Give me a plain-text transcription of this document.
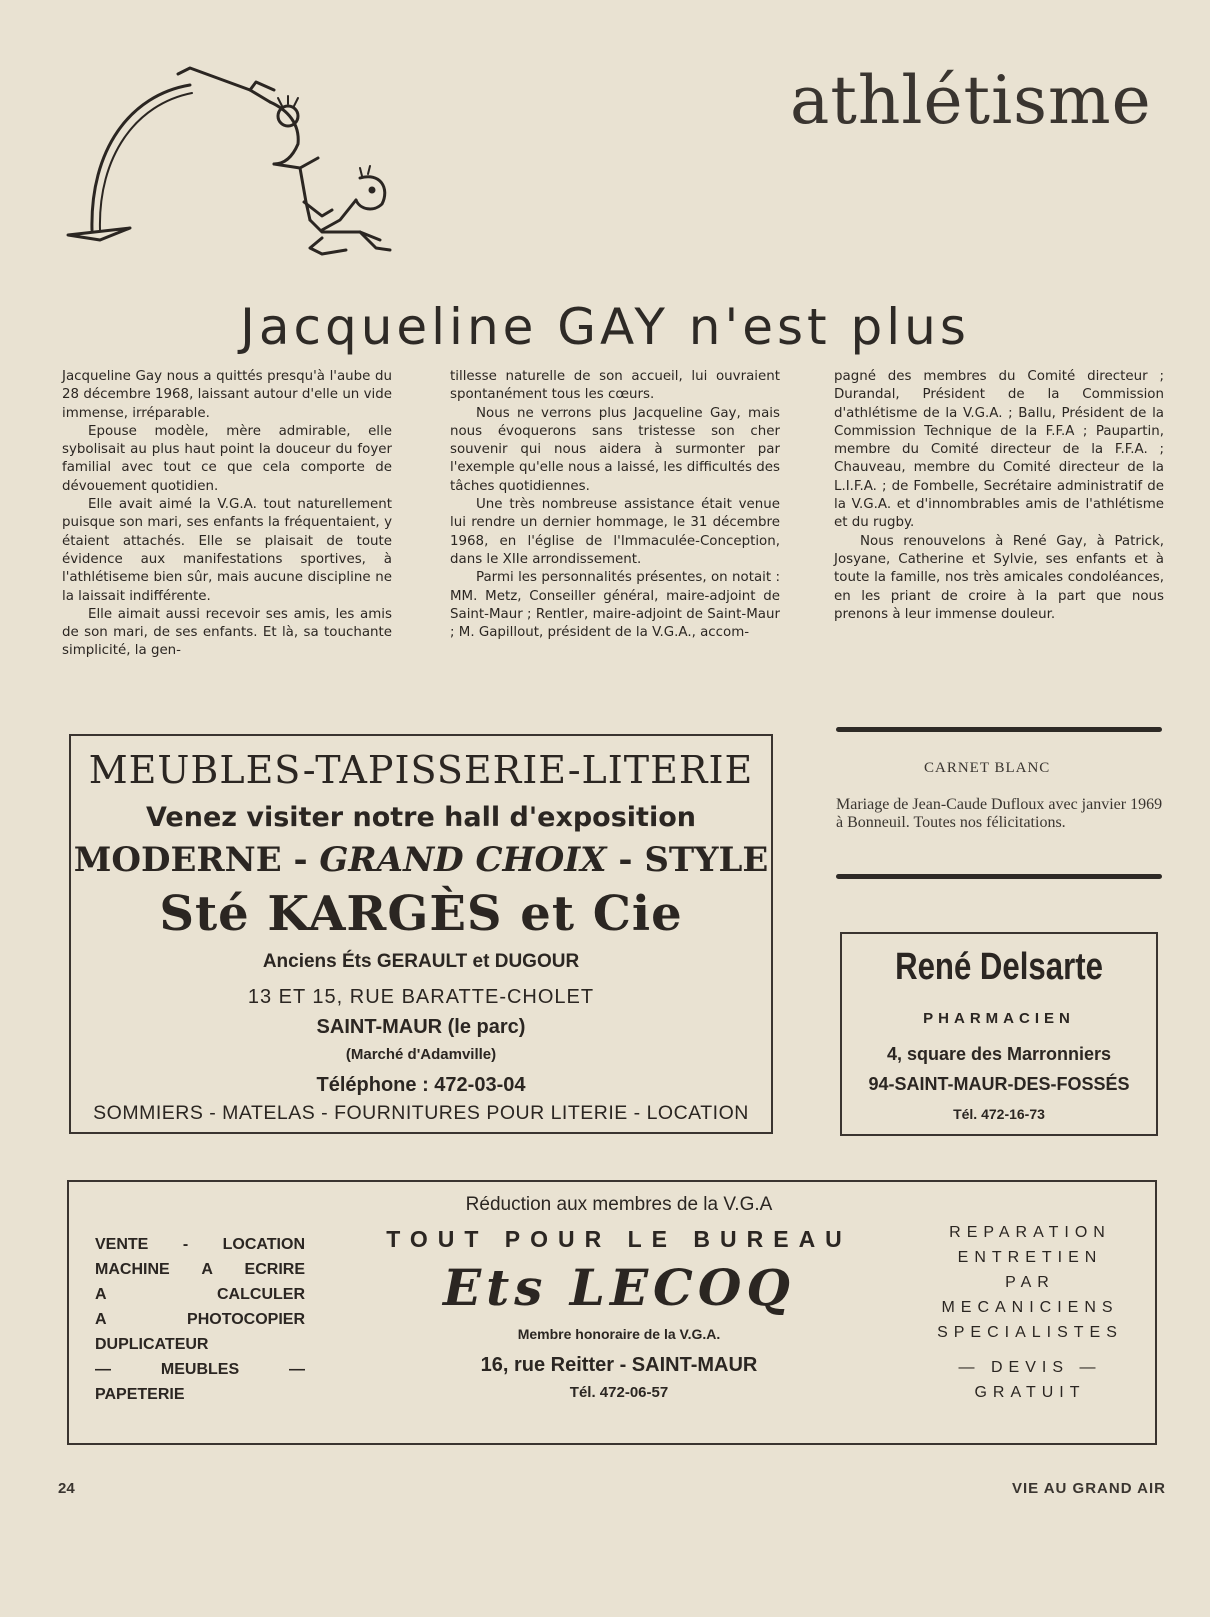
athlétisme
Jacqueline GAY n'est plus

Jacqueline Gay nous a quittés presqu'à l'aube du 28 décembre 1968, laissant autour d'elle un vide immense, irréparable.

Epouse modèle, mère admirable, elle sybolisait au plus haut point la douceur du foyer familial avec tout ce que cela comporte de dévouement quotidien.

Elle avait aimé la V.G.A. tout naturellement puisque son mari, ses enfants la fréquentaient, y étaient attachés. Elle se plaisait de toute évidence aux manifestations sportives, à l'athlétiseme bien sûr, mais aucune discipline ne la laissait indifférente.

Elle aimait aussi recevoir ses amis, les amis de son mari, de ses enfants. Et là, sa touchante simplicité, la gen-

tillesse naturelle de son accueil, lui ouvraient spontanément tous les cœurs.

Nous ne verrons plus Jacqueline Gay, mais nous évoquerons sans tristesse son cher souvenir qui nous aidera à surmonter par l'exemple qu'elle nous a laissé, les difficultés des tâches quotidiennes.

Une très nombreuse assistance était venue lui rendre un dernier hommage, le 31 décembre 1968, en l'église de l'Immaculée-Conception, dans le XIIe arrondissement.

Parmi les personnalités présentes, on notait : MM. Metz, Conseiller général, maire-adjoint de Saint-Maur ; Rentler, maire-adjoint de Saint-Maur ; M. Gapillout, président de la V.G.A., accom-

pagné des membres du Comité directeur ; Durandal, Président de la Commission d'athlétisme de la V.G.A. ; Ballu, Président de la Commission Technique de la F.F.A ; Paupartin, membre du Comité directeur de la F.F.A. ; Chauveau, membre du Comité directeur de la L.I.F.A. ; de Fombelle, Secrétaire administratif de la V.G.A. et d'innombrables amis de l'athlétisme et du rugby.

Nous renouvelons à René Gay, à Patrick, Josyane, Catherine et Sylvie, ses enfants et à toute la famille, nos très amicales condoléances, en les priant de croire à la part que nous prenons à leur immense douleur.

MEUBLES-TAPISSERIE-LITERIE
Venez visiter notre hall d'exposition
MODERNE - GRAND CHOIX - STYLE
Sté KARGÈS et Cie
Anciens Éts GERAULT et DUGOUR
13 ET 15, RUE BARATTE-CHOLET
SAINT-MAUR (le parc)
(Marché d'Adamville)
Téléphone : 472-03-04
SOMMIERS - MATELAS - FOURNITURES POUR LITERIE - LOCATION
CARNET BLANC
Mariage de Jean-Caude Dufloux avec janvier 1969 à Bonneuil. Toutes nos félicitations.
René Delsarte
PHARMACIEN
4, square des Marronniers
94-SAINT-MAUR-DES-FOSSÉS
Tél. 472-16-73
VENTE - LOCATION
MACHINE A ECRIRE
A CALCULER
A PHOTOCOPIER
DUPLICATEUR
— MEUBLES —
PAPETERIE
Réduction aux membres de la V.G.A
TOUT POUR LE BUREAU
Ets LECOQ
Membre honoraire de la V.G.A.
16, rue Reitter - SAINT-MAUR
Tél. 472-06-57
REPARATION
ENTRETIEN
PAR
MECANICIENS
SPECIALISTES
— DEVIS —
GRATUIT
24	VIE AU GRAND AIR
